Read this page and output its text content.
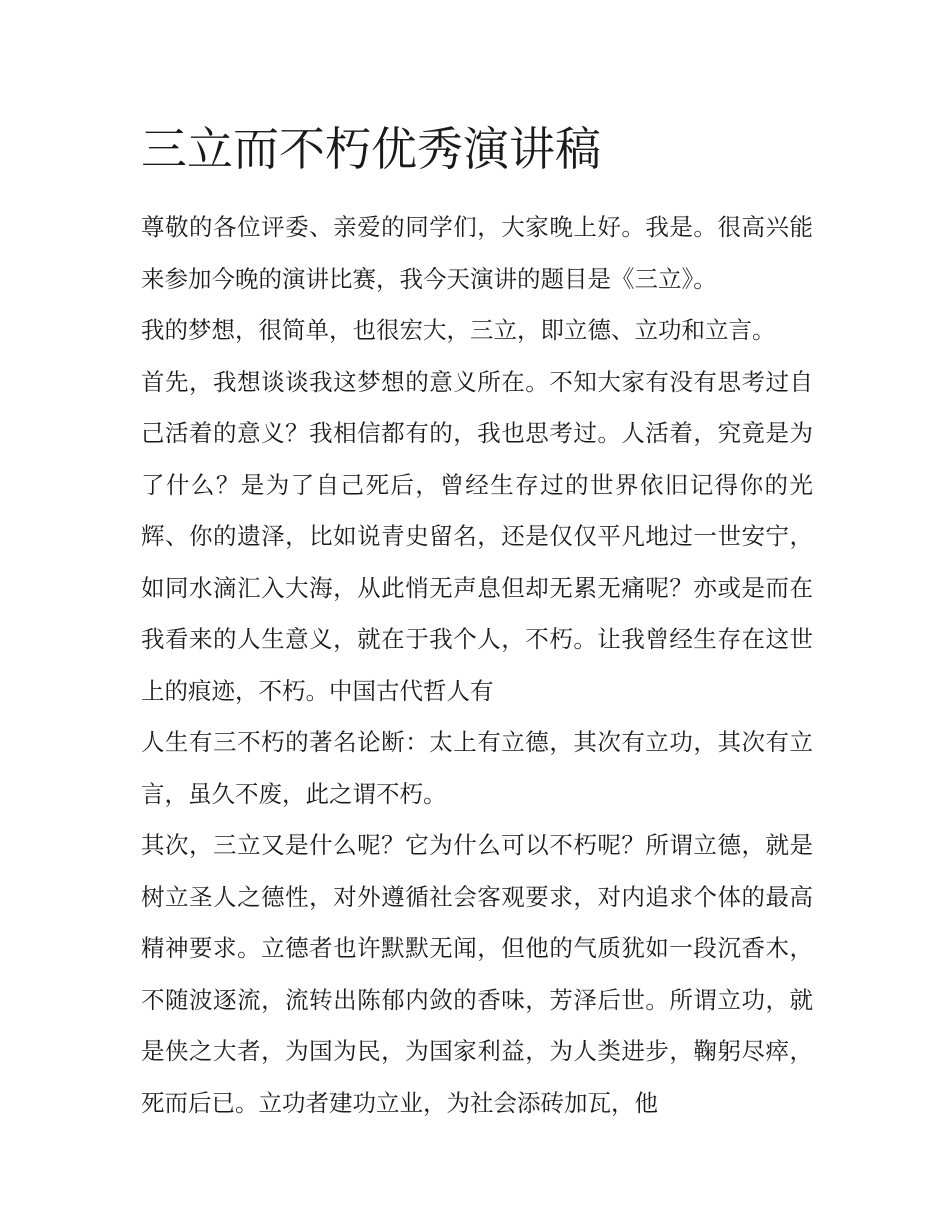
三立而不朽优秀演讲稿

尊敬的各位评委、亲爱的同学们，大家晚上好。我是。很高兴能来参加今晚的演讲比赛，我今天演讲的题目是《三立》。

我的梦想，很简单，也很宏大，三立，即立德、立功和立言。

首先，我想谈谈我这梦想的意义所在。不知大家有没有思考过自己活着的意义？我相信都有的，我也思考过。人活着，究竟是为了什么？是为了自己死后，曾经生存过的世界依旧记得你的光辉、你的遗泽，比如说青史留名，还是仅仅平凡地过一世安宁，如同水滴汇入大海，从此悄无声息但却无累无痛呢？亦或是而在我看来的人生意义，就在于我个人，不朽。让我曾经生存在这世上的痕迹，不朽。中国古代哲人有

人生有三不朽的著名论断：太上有立德，其次有立功，其次有立言，虽久不废，此之谓不朽。

其次，三立又是什么呢？它为什么可以不朽呢？所谓立德，就是树立圣人之德性，对外遵循社会客观要求，对内追求个体的最高精神要求。立德者也许默默无闻，但他的气质犹如一段沉香木，不随波逐流，流转出陈郁内敛的香味，芳泽后世。所谓立功，就是侠之大者，为国为民，为国家利益，为人类进步，鞠躬尽瘁，死而后已。立功者建功立业，为社会添砖加瓦，他
